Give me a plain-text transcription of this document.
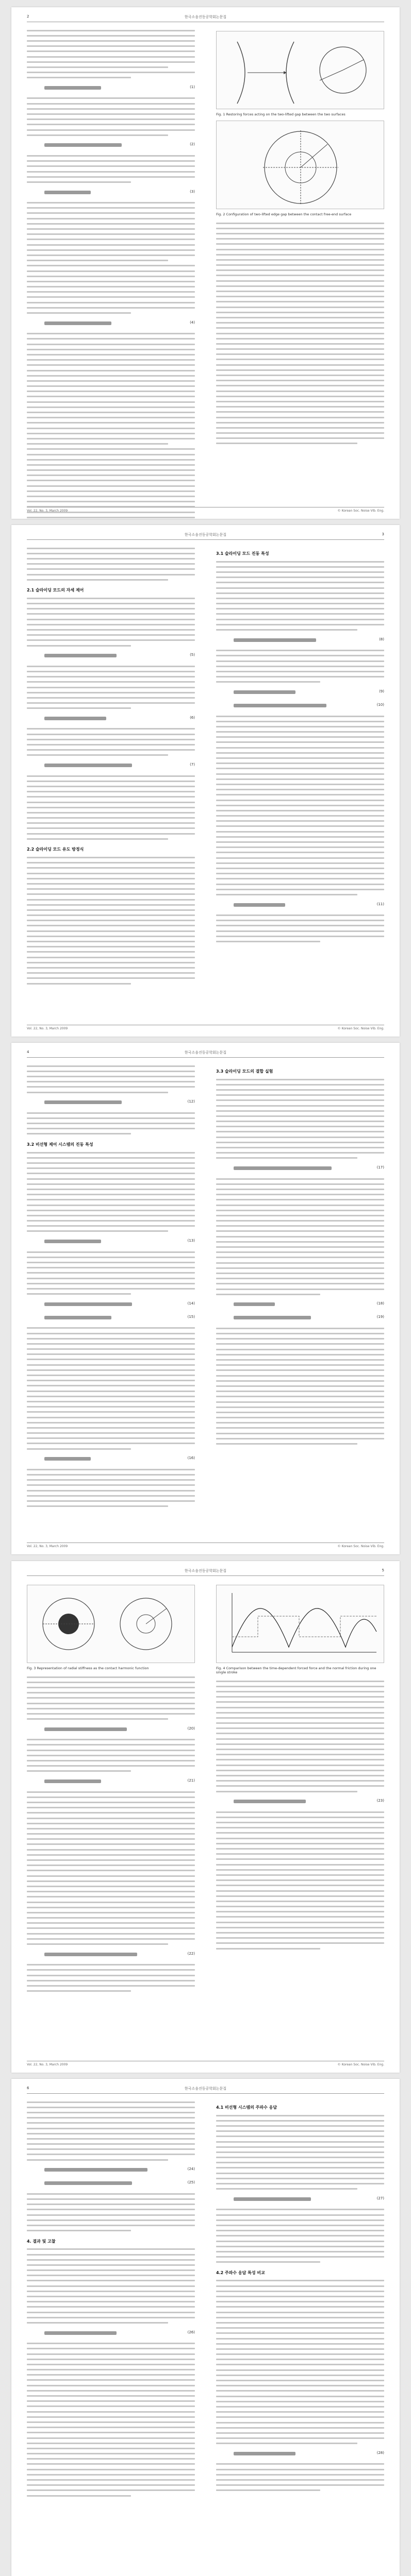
한국소음진동공학회논문집
2
(1)
(2)
(3)
(4)
Fig. 1 Restoring forces acting on the two-lifted gap between the two surfaces
Fig. 2 Configuration of two-lifted edge gap between the contact free-end surface
Vol. 22, No. 3, March 2009	© Korean Soc. Noise Vib. Eng.
한국소음진동공학회논문집	3
2.1 슬라이딩 모드의 자세 제어
(5)
(6)
(7)
2.2 슬라이딩 모드 유도 방정식
3.1 슬라이딩 모드 진동 특성
(8)
(9)
(10)
(11)
Vol. 22, No. 3, March 2009	© Korean Soc. Noise Vib. Eng.
한국소음진동공학회논문집
4
(12)
3.2 비선형 제어 시스템의 진동 특성
(13)
(14)
(15)
(16)
3.3 슬라이딩 모드의 결합 실험
(17)
(18)
(19)
Vol. 22, No. 3, March 2009	© Korean Soc. Noise Vib. Eng.
한국소음진동공학회논문집	5
Fig. 3 Representation of radial stiffness as the contact harmonic function
(20)
(21)
(22)
Fig. 4 Comparison between the time-dependent forced force and the normal friction during one single stroke
(23)
Vol. 22, No. 3, March 2009	© Korean Soc. Noise Vib. Eng.
한국소음진동공학회논문집
6
(24)
(25)
4. 결과 및 고찰
(26)
4.1 비선형 시스템의 주파수 응답
(27)
4.2 주파수 응답 특성 비교
(28)
